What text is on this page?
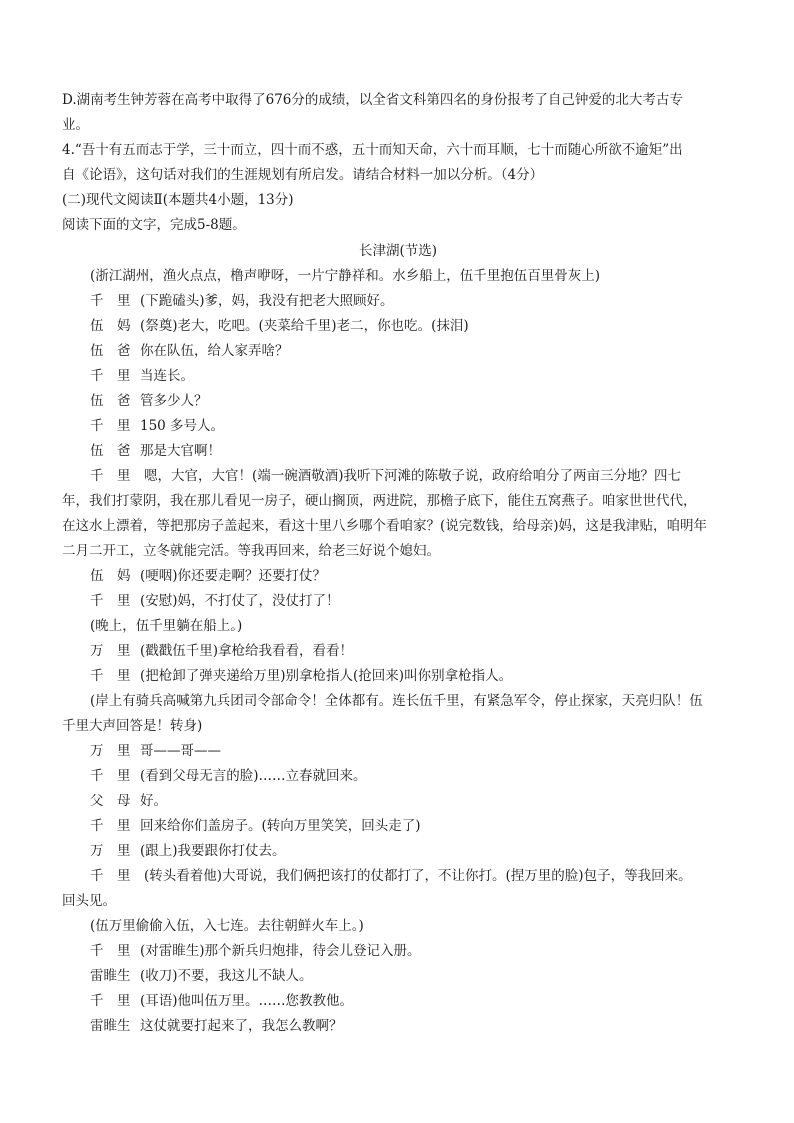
D.湖南考生钟芳蓉在高考中取得了676分的成绩，以全省文科第四名的身份报考了自己钟爱的北大考古专
业。
4.“吾十有五而志于学，三十而立，四十而不惑，五十而知天命，六十而耳顺，七十而随心所欲不逾矩”出
自《论语》，这句话对我们的生涯规划有所启发。请结合材料一加以分析。（4分）
(二)现代文阅读Ⅱ(本题共4小题，13分)
阅读下面的文字，完成5-8题。
长津湖(节选)
(浙江湖州，渔火点点，橹声咿呀，一片宁静祥和。水乡船上，伍千里抱伍百里骨灰上)
千　里 (下跪磕头)爹，妈，我没有把老大照顾好。
伍　妈 (祭奠)老大，吃吧。(夹菜给千里)老二，你也吃。(抹泪)
伍　爸 你在队伍，给人家弄啥？
千　里 当连长。
伍　爸 管多少人？
千　里 150 多号人。
伍　爸 那是大官啊！
千　里　嗯，大官，大官！(端一碗酒敬酒)我听下河滩的陈敬子说，政府给咱分了两亩三分地？四七
年，我们打蒙阴，我在那儿看见一房子，硬山搁顶，两进院，那檐子底下，能住五窝燕子。咱家世世代代，
在这水上漂着，等把那房子盖起来，看这十里八乡哪个看咱家？(说完数钱，给母亲)妈，这是我津贴，咱明年
二月二开工，立冬就能完活。等我再回来，给老三好说个媳妇。
伍　妈 (哽咽)你还要走啊？还要打仗？
千　里 (安慰)妈，不打仗了，没仗打了！
(晚上，伍千里躺在船上。)
万　里 (戳戳伍千里)拿枪给我看看，看看！
千　里 (把枪卸了弹夹递给万里)别拿枪指人(抢回来)叫你别拿枪指人。
(岸上有骑兵高喊第九兵团司令部命令！全体都有。连长伍千里，有紧急军令，停止探家，天亮归队！伍
千里大声回答是！转身)
万　里 哥——哥——
千　里 (看到父母无言的脸)……立春就回来。
父　母 好。
千　里 回来给你们盖房子。(转向万里笑笑，回头走了)
万　里 (跟上)我要跟你打仗去。
千　里　(转头看着他)大哥说，我们俩把该打的仗都打了，不让你打。(捏万里的脸)包子，等我回来。
回头见。
(伍万里偷偷入伍，入七连。去往朝鲜火车上。)
千　里 (对雷睢生)那个新兵归炮排，待会儿登记入册。
雷睢生 (收刀)不要，我这儿不缺人。
千　里 (耳语)他叫伍万里。……您教教他。
雷睢生 这仗就要打起来了，我怎么教啊？
